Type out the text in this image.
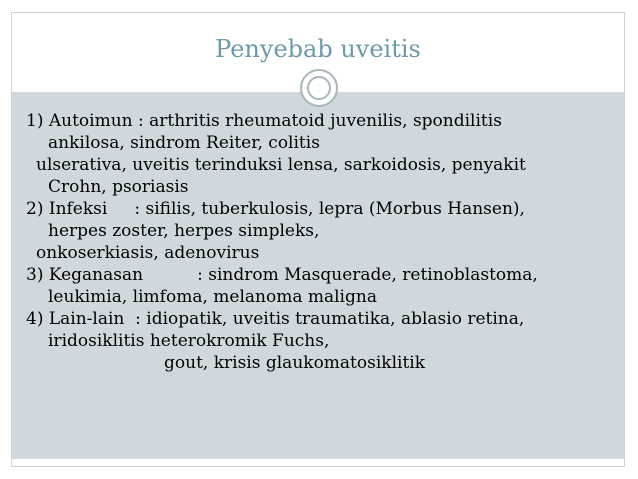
Penyebab uveitis
1) Autoimun : arthritis rheumatoid juvenilis, spondilitis
ankilosa, sindrom Reiter, colitis
ulserativa, uveitis terinduksi lensa, sarkoidosis, penyakit
Crohn, psoriasis
2) Infeksi     : sifilis, tuberkulosis, lepra (Morbus Hansen),
herpes zoster, herpes simpleks,
onkoserkiasis, adenovirus
3) Keganasan          : sindrom Masquerade, retinoblastoma,
leukimia, limfoma, melanoma maligna
4) Lain-lain  : idiopatik, uveitis traumatika, ablasio retina,
iridosiklitis heterokromik Fuchs,
gout, krisis glaukomatosiklitik
